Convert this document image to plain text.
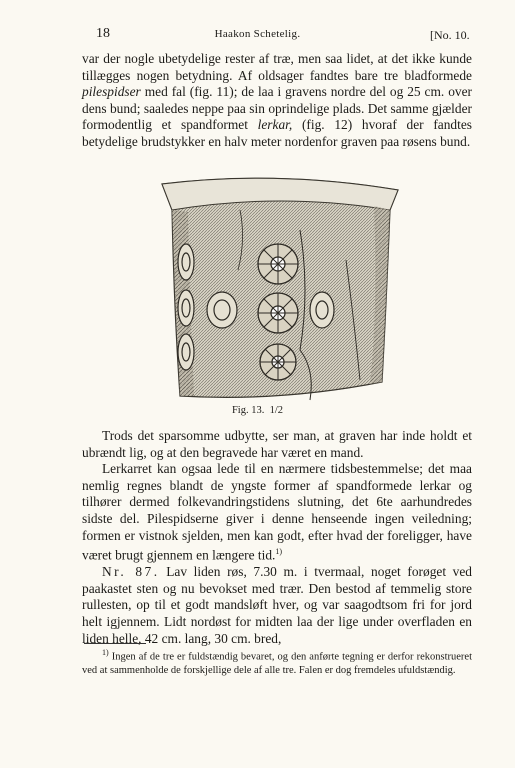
18	Haakon Schetelig.	[No. 10.

var der nogle ubetydelige rester af træ, men saa lidet, at det ikke kunde tillægges nogen betydning. Af oldsager fandtes bare tre bladformede pilespidser med fal (fig. 11); de laa i gravens nordre del og 25 cm. over dens bund; saaledes neppe paa sin oprindelige plads. Det samme gjælder formodentlig et spandformet lerkar, (fig. 12) hvoraf der fandtes betydelige brudstykker en halv meter nordenfor graven paa røsens bund.

Fig. 13. 1/2

Trods det sparsomme udbytte, ser man, at graven har inde holdt et ubrændt lig, og at den begravede har været en mand.

Lerkarret kan ogsaa lede til en nærmere tidsbestemmelse; det maa nemlig regnes blandt de yngste former af spandformede lerkar og tilhører dermed folkevandringstidens slutning, det 6te aarhundredes sidste del. Pilespidserne giver i denne henseende ingen veiledning; formen er vistnok sjelden, men kan godt, efter hvad der foreligger, have været brugt gjennem en længere tid.$^{1)}$

Nr. 87. Lav liden røs, 7.30 m. i tvermaal, noget forøget ved paakastet sten og nu bevokset med trær. Den bestod af temmelig store rullesten, op til et godt mandsløft hver, og var saagodtsom fri for jord helt igjennem. Lidt nordøst for midten laa der lige under overfladen en liden helle, 42 cm. lang, 30 cm. bred,

$^{1)}$ Ingen af de tre er fuldstændig bevaret, og den anførte tegning er derfor rekonstrueret ved at sammenholde de forskjellige dele af alle tre. Falen er dog fremdeles ufuldstændig.
